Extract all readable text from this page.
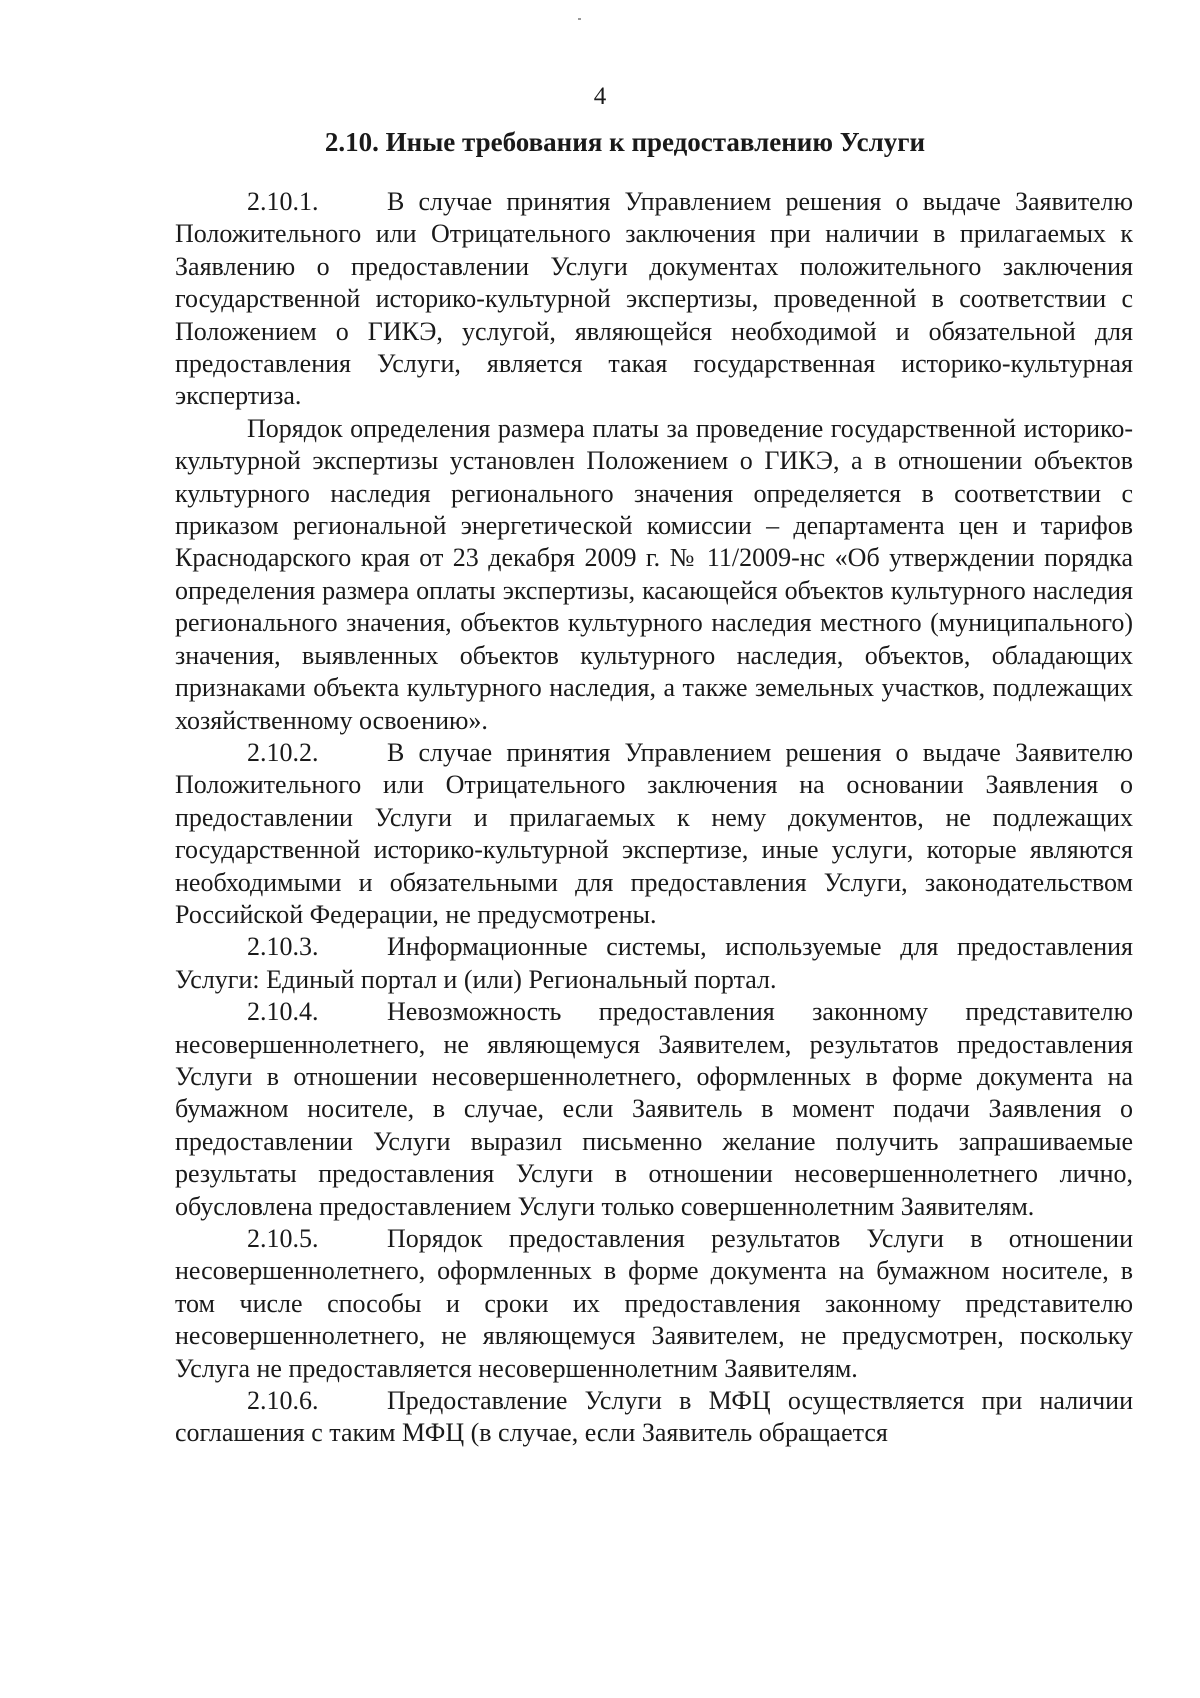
4
2.10. Иные требования к предоставлению Услуги

2.10.1.	В случае принятия Управлением решения о выдаче Заявителю Положительного или Отрицательного заключения при наличии в прилагаемых к Заявлению о предоставлении Услуги документах положительного заключения государственной историко-культурной экспертизы, проведенной в соответствии с Положением о ГИКЭ, услугой, являющейся необходимой и обязательной для предоставления Услуги, является такая государственная историко-культурная экспертиза.

Порядок определения размера платы за проведение государственной историко-культурной экспертизы установлен Положением о ГИКЭ, а в отношении объектов культурного наследия регионального значения определяется в соответствии с приказом региональной энергетической комиссии – департамента цен и тарифов Краснодарского края от 23 декабря 2009 г. № 11/2009-нс «Об утверждении порядка определения размера оплаты экспертизы, касающейся объектов культурного наследия регионального значения, объектов культурного наследия местного (муниципального) значения, выявленных объектов культурного наследия, объектов, обладающих признаками объекта культурного наследия, а также земельных участков, подлежащих хозяйственному освоению».

2.10.2.	В случае принятия Управлением решения о выдаче Заявителю Положительного или Отрицательного заключения на основании Заявления о предоставлении Услуги и прилагаемых к нему документов, не подлежащих государственной историко-культурной экспертизе, иные услуги, которые являются необходимыми и обязательными для предоставления Услуги, законодательством Российской Федерации, не предусмотрены.

2.10.3.	Информационные системы, используемые для предоставления Услуги: Единый портал и (или) Региональный портал.

2.10.4.	Невозможность предоставления законному представителю несовершеннолетнего, не являющемуся Заявителем, результатов предоставления Услуги в отношении несовершеннолетнего, оформленных в форме документа на бумажном носителе, в случае, если Заявитель в момент подачи Заявления о предоставлении Услуги выразил письменно желание получить запрашиваемые результаты предоставления Услуги в отношении несовершеннолетнего лично, обусловлена предоставлением Услуги только совершеннолетним Заявителям.

2.10.5.	Порядок предоставления результатов Услуги в отношении несовершеннолетнего, оформленных в форме документа на бумажном носителе, в том числе способы и сроки их предоставления законному представителю несовершеннолетнего, не являющемуся Заявителем, не предусмотрен, поскольку Услуга не предоставляется несовершеннолетним Заявителям.

2.10.6.	Предоставление Услуги в МФЦ осуществляется при наличии соглашения с таким МФЦ (в случае, если Заявитель обращается
